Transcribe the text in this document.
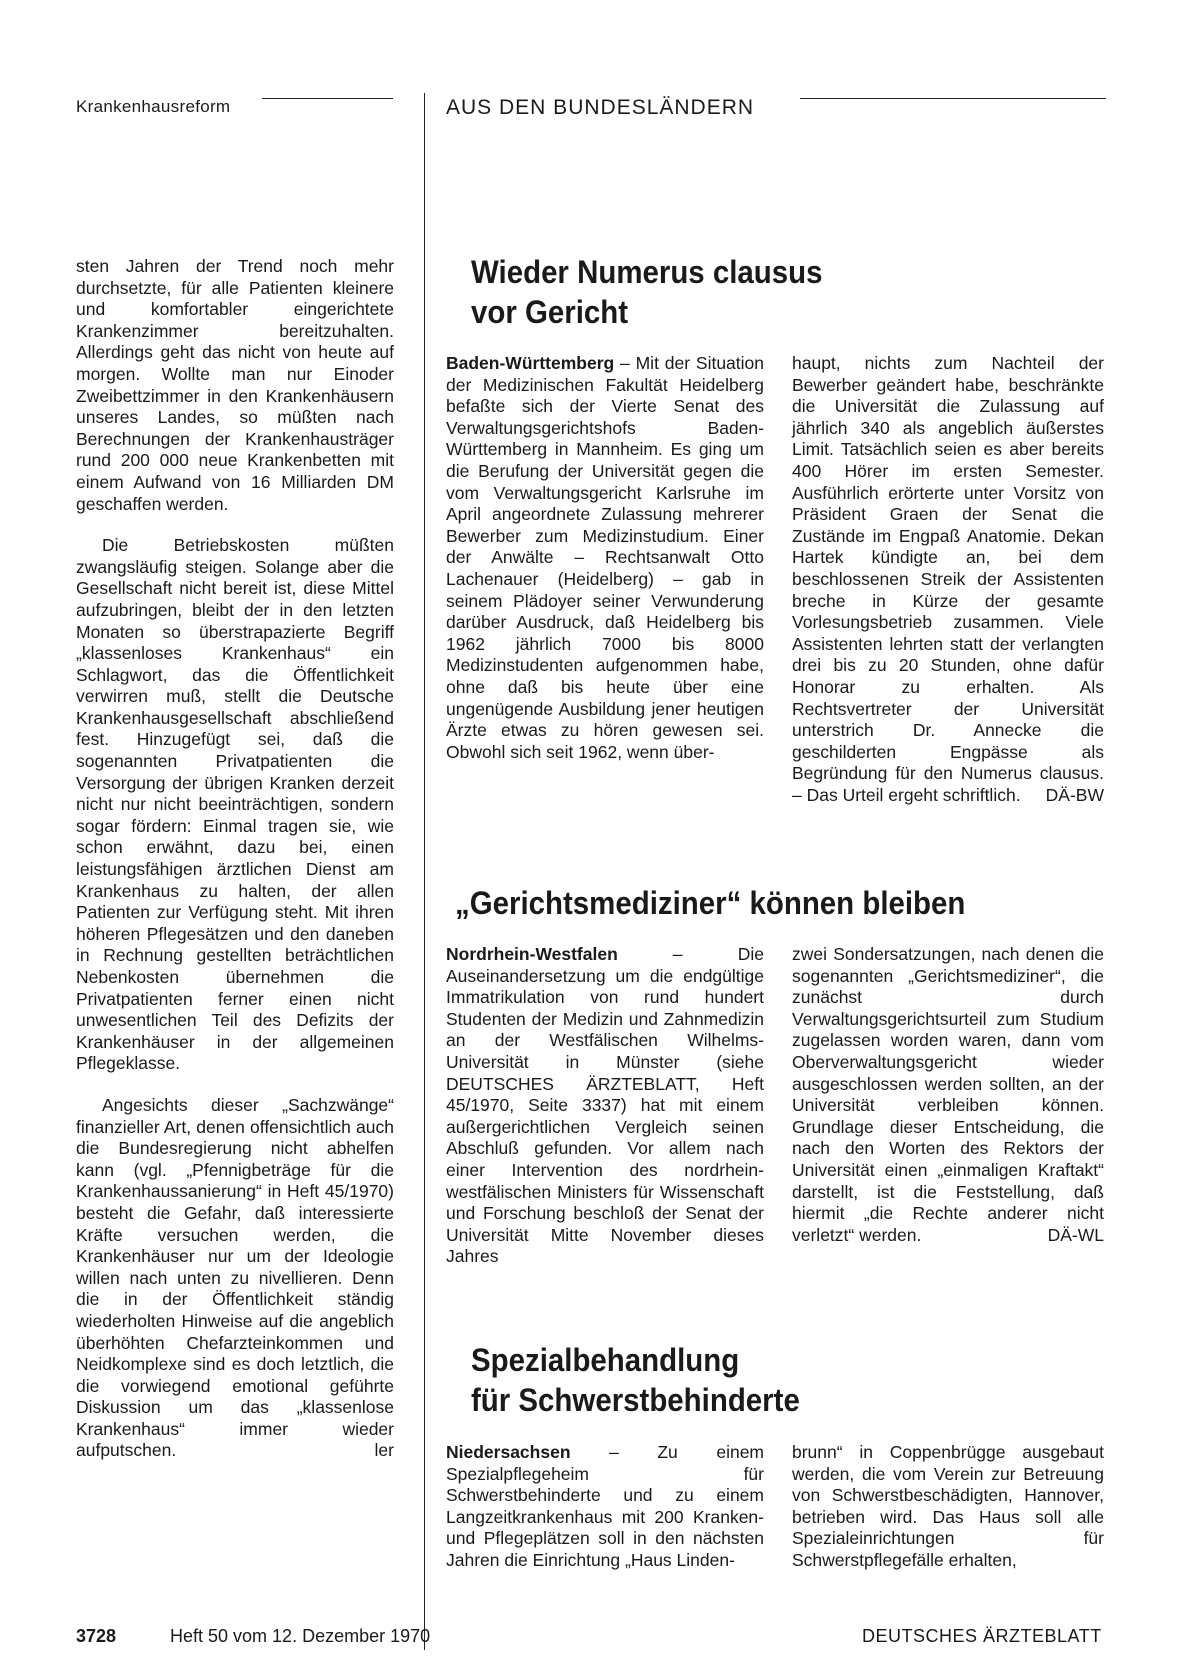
Krankenhausreform	AUS DEN BUNDESLÄNDERN

sten Jahren der Trend noch mehr durchsetzte, für alle Patienten kleinere und komfortabler eingerichtete Krankenzimmer bereitzuhalten. Allerdings geht das nicht von heute auf morgen. Wollte man nur Einoder Zweibettzimmer in den Krankenhäusern unseres Landes, so müßten nach Berechnungen der Krankenhausträger rund 200 000 neue Krankenbetten mit einem Aufwand von 16 Milliarden DM geschaffen werden.

Die Betriebskosten müßten zwangsläufig steigen. Solange aber die Gesellschaft nicht bereit ist, diese Mittel aufzubringen, bleibt der in den letzten Monaten so überstrapazierte Begriff „klassenloses Krankenhaus“ ein Schlagwort, das die Öffentlichkeit verwirren muß, stellt die Deutsche Krankenhausgesellschaft abschließend fest. Hinzugefügt sei, daß die sogenannten Privatpatienten die Versorgung der übrigen Kranken derzeit nicht nur nicht beeinträchtigen, sondern sogar fördern: Einmal tragen sie, wie schon erwähnt, dazu bei, einen leistungsfähigen ärztlichen Dienst am Krankenhaus zu halten, der allen Patienten zur Verfügung steht. Mit ihren höheren Pflegesätzen und den daneben in Rechnung gestellten beträchtlichen Nebenkosten übernehmen die Privatpatienten ferner einen nicht unwesentlichen Teil des Defizits der Krankenhäuser in der allgemeinen Pflegeklasse.

Angesichts dieser „Sachzwänge“ finanzieller Art, denen offensichtlich auch die Bundesregierung nicht abhelfen kann (vgl. „Pfennigbeträge für die Krankenhaussanierung“ in Heft 45/1970) besteht die Gefahr, daß interessierte Kräfte versuchen werden, die Krankenhäuser nur um der Ideologie willen nach unten zu nivellieren. Denn die in der Öffentlichkeit ständig wiederholten Hinweise auf die angeblich überhöhten Chefarzteinkommen und Neidkomplexe sind es doch letztlich, die die vorwiegend emotional geführte Diskussion um das „klassenlose Krankenhaus“ immer wieder aufputschen.	ler

Wieder Numerus clausus
vor Gericht

Baden-Württemberg – Mit der Situation der Medizinischen Fakultät Heidelberg befaßte sich der Vierte Senat des Verwaltungsgerichtshofs Baden-Württemberg in Mannheim. Es ging um die Berufung der Universität gegen die vom Verwaltungsgericht Karlsruhe im April angeordnete Zulassung mehrerer Bewerber zum Medizinstudium. Einer der Anwälte – Rechtsanwalt Otto Lachenauer (Heidelberg) – gab in seinem Plädoyer seiner Verwunderung darüber Ausdruck, daß Heidelberg bis 1962 jährlich 7000 bis 8000 Medizinstudenten aufgenommen habe, ohne daß bis heute über eine ungenügende Ausbildung jener heutigen Ärzte etwas zu hören gewesen sei. Obwohl sich seit 1962, wenn über-

haupt, nichts zum Nachteil der Bewerber geändert habe, beschränkte die Universität die Zulassung auf jährlich 340 als angeblich äußerstes Limit. Tatsächlich seien es aber bereits 400 Hörer im ersten Semester. Ausführlich erörterte unter Vorsitz von Präsident Graen der Senat die Zustände im Engpaß Anatomie. Dekan Hartek kündigte an, bei dem beschlossenen Streik der Assistenten breche in Kürze der gesamte Vorlesungsbetrieb zusammen. Viele Assistenten lehrten statt der verlangten drei bis zu 20 Stunden, ohne dafür Honorar zu erhalten. Als Rechtsvertreter der Universität unterstrich Dr. Annecke die geschilderten Engpässe als Begründung für den Numerus clausus. – Das Urteil ergeht schriftlich. DÄ-BW

„Gerichtsmediziner“ können bleiben

Nordrhein-Westfalen – Die Auseinandersetzung um die endgültige Immatrikulation von rund hundert Studenten der Medizin und Zahnmedizin an der Westfälischen Wilhelms-Universität in Münster (siehe DEUTSCHES ÄRZTEBLATT, Heft 45/1970, Seite 3337) hat mit einem außergerichtlichen Vergleich seinen Abschluß gefunden. Vor allem nach einer Intervention des nordrhein-westfälischen Ministers für Wissenschaft und Forschung beschloß der Senat der Universität Mitte November dieses Jahres

zwei Sondersatzungen, nach denen die sogenannten „Gerichtsmediziner“, die zunächst durch Verwaltungsgerichtsurteil zum Studium zugelassen worden waren, dann vom Oberverwaltungsgericht wieder ausgeschlossen werden sollten, an der Universität verbleiben können. Grundlage dieser Entscheidung, die nach den Worten des Rektors der Universität einen „einmaligen Kraftakt“ darstellt, ist die Feststellung, daß hiermit „die Rechte anderer nicht verletzt“ werden.	DÄ-WL

Spezialbehandlung
für Schwerstbehinderte

Niedersachsen – Zu einem Spezialpflegeheim für Schwerstbehinderte und zu einem Langzeitkrankenhaus mit 200 Kranken- und Pflegeplätzen soll in den nächsten Jahren die Einrichtung „Haus Linden-

brunn“ in Coppenbrügge ausgebaut werden, die vom Verein zur Betreuung von Schwerstbeschädigten, Hannover, betrieben wird. Das Haus soll alle Spezialeinrichtungen für Schwerstpflegefälle erhalten,

3728	Heft 50 vom 12. Dezember 1970	DEUTSCHES ÄRZTEBLATT
